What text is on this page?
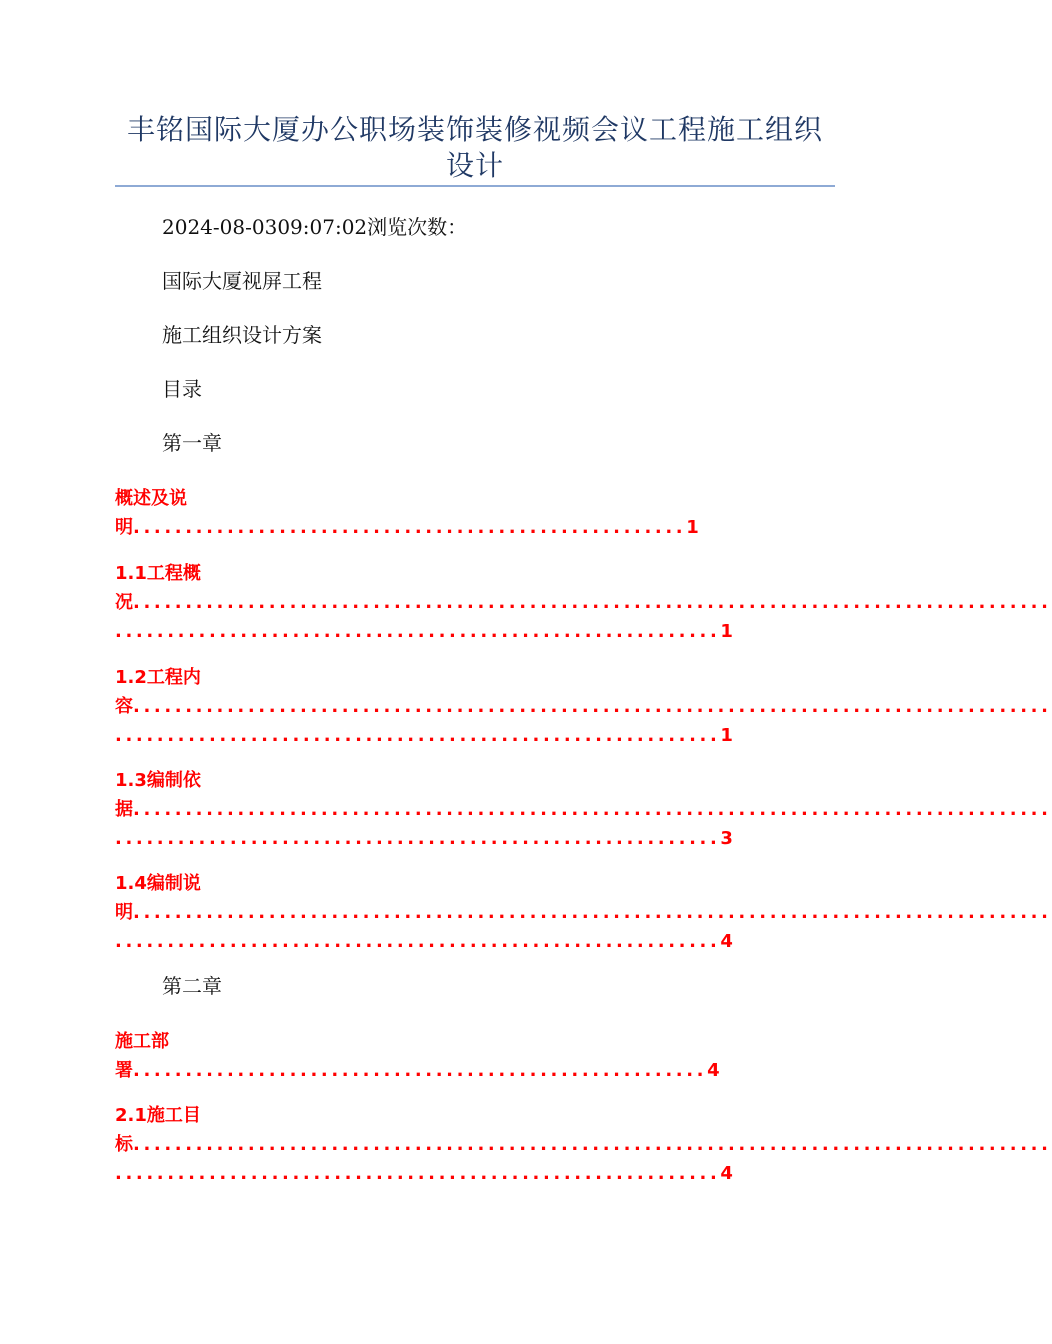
丰铭国际大厦办公职场装饰装修视频会议工程施工组织
设计
2024-08-0309:07:02浏览次数：
国际大厦视屏工程
施工组织设计方案
目录
第一章
概述及说
明.....................................................1
1.1工程概
况........................................................................................
..........................................................1
1.2工程内
容........................................................................................
..........................................................1
1.3编制依
据........................................................................................
..........................................................3
1.4编制说
明........................................................................................
..........................................................4
第二章
施工部
署.......................................................4
2.1施工目
标........................................................................................
..........................................................4
